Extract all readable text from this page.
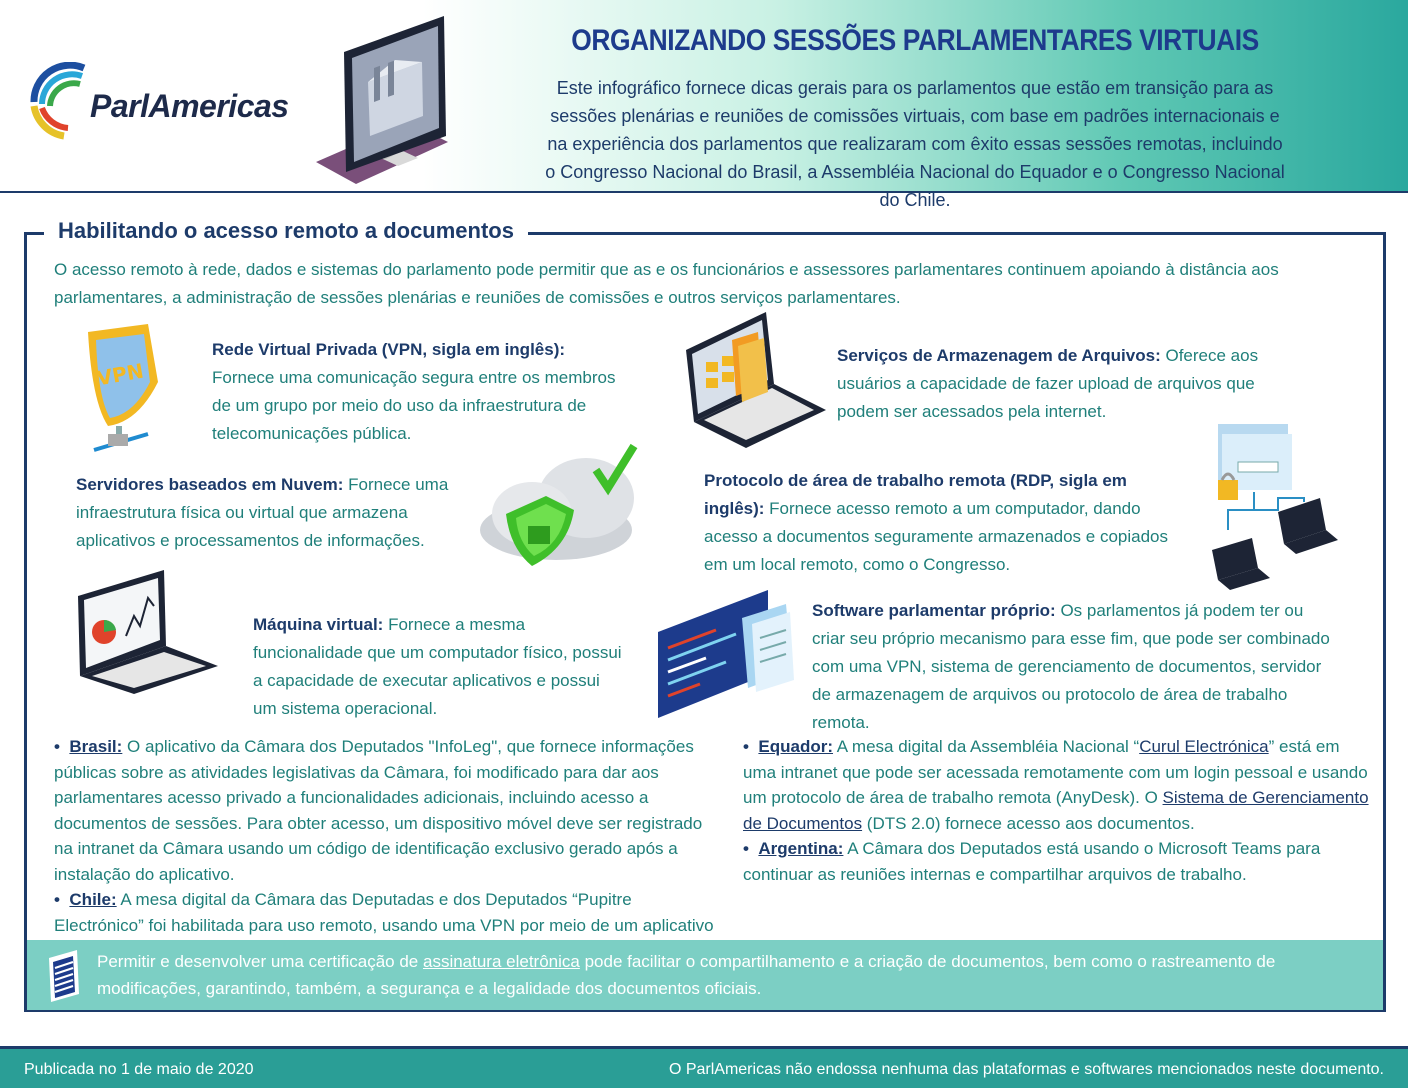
ParlAmericas
ORGANIZANDO SESSÕES PARLAMENTARES VIRTUAIS
Este infográfico fornece dicas gerais para os parlamentos que estão em transição para as sessões plenárias e reuniões de comissões virtuais, com base em padrões internacionais e na experiência dos parlamentos que realizaram com êxito essas sessões remotas, incluindo o Congresso Nacional do Brasil, a Assembléia Nacional do Equador e o Congresso Nacional do Chile.
Habilitando o acesso remoto a documentos
O acesso remoto à rede, dados e sistemas do parlamento pode permitir que as e os funcionários e assessores parlamentares continuem apoiando à distância aos parlamentares, a administração de sessões plenárias e reuniões de comissões e outros serviços parlamentares.
VPN
Rede Virtual Privada (VPN, sigla em inglês): Fornece uma comunicação segura entre os membros de um grupo por meio do uso da infraestrutura de telecomunicações pública.
Serviços de Armazenagem de Arquivos: Oferece aos usuários a capacidade de fazer upload de arquivos que podem ser acessados pela internet.
Servidores baseados em Nuvem: Fornece uma infraestrutura física ou virtual que armazena aplicativos e processamentos de informações.
Protocolo de área de trabalho remota (RDP, sigla em inglês): Fornece acesso remoto a um computador, dando acesso a documentos seguramente armazenados e copiados em um local remoto, como o Congresso.
Máquina virtual: Fornece a mesma funcionalidade que um computador físico, possui a capacidade de executar aplicativos e possui um sistema operacional.
Software parlamentar próprio: Os parlamentos já podem ter ou criar seu próprio mecanismo para esse fim, que pode ser combinado com uma VPN, sistema de gerenciamento de documentos, servidor de armazenagem de arquivos ou protocolo de área de trabalho remota.
•  Brasil: O aplicativo da Câmara dos Deputados "InfoLeg", que fornece informações públicas sobre as atividades legislativas da Câmara, foi modificado para dar aos parlamentares acesso privado a funcionalidades adicionais, incluindo acesso a documentos de sessões. Para obter acesso, um dispositivo móvel deve ser registrado na intranet da Câmara usando um código de identificação exclusivo gerado após a instalação do aplicativo.
•  Chile: A mesa digital da Câmara das Deputadas e dos Deputados “Pupitre Electrónico” foi habilitada para uso remoto, usando uma VPN por meio de um aplicativo
•  Equador: A mesa digital da Assembléia Nacional “Curul Electrónica” está em uma intranet que pode ser acessada remotamente com um login pessoal e usando um protocolo de área de trabalho remota (AnyDesk). O Sistema de Gerenciamento de Documentos (DTS 2.0) fornece acesso aos documentos.
•  Argentina: A Câmara dos Deputados está usando o Microsoft Teams para continuar as reuniões internas e compartilhar arquivos de trabalho.
Permitir e desenvolver uma certificação de assinatura eletrônica pode facilitar o compartilhamento e a criação de documentos, bem como o rastreamento de modificações, garantindo, também, a segurança e a legalidade dos documentos oficiais.
Publicada no 1 de maio de 2020	O ParlAmericas não endossa nenhuma das plataformas e softwares mencionados neste documento.
